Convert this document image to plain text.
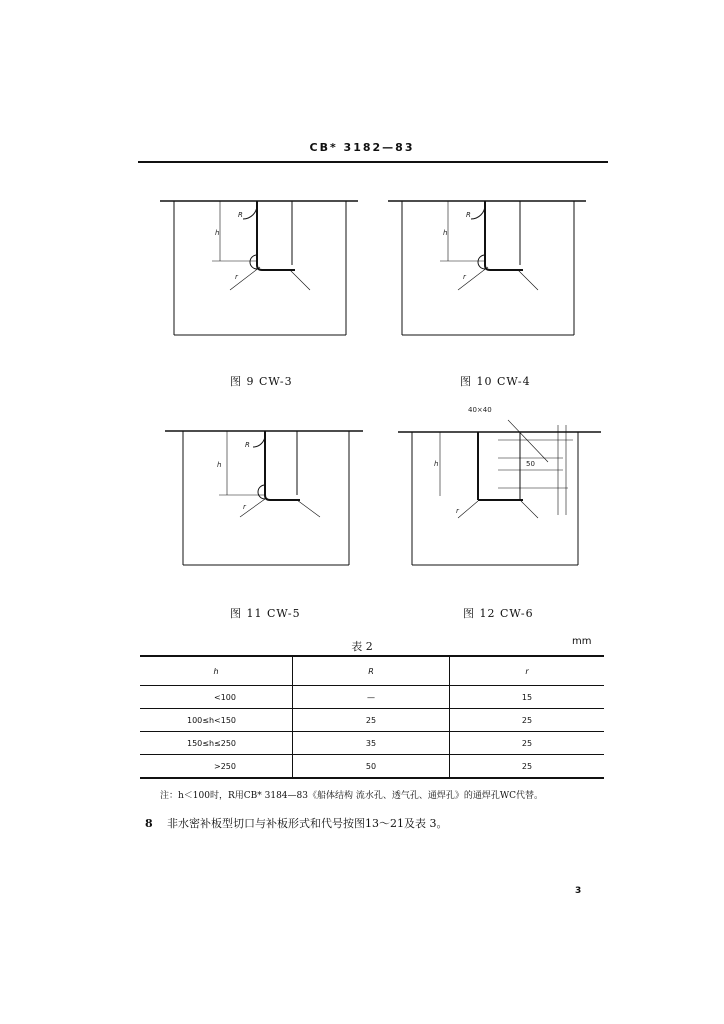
CB* 3182—83
h
R
r
图 9 CW-3
h
R
r
图 10 CW-4
h
R
r
图 11 CW-5
h
r
40×40
50
图 12 CW-6
表 2	mm
h	R	r
<100	—	15
100≤h<150	25	25
150≤h≤250	35	25
>250	50	25
注：h＜100时，R用CB* 3184—83《船体结构 流水孔、透气孔、通焊孔》的通焊孔WC代替。
8 非水密补板型切口与补板形式和代号按图13～21及表 3。
3
